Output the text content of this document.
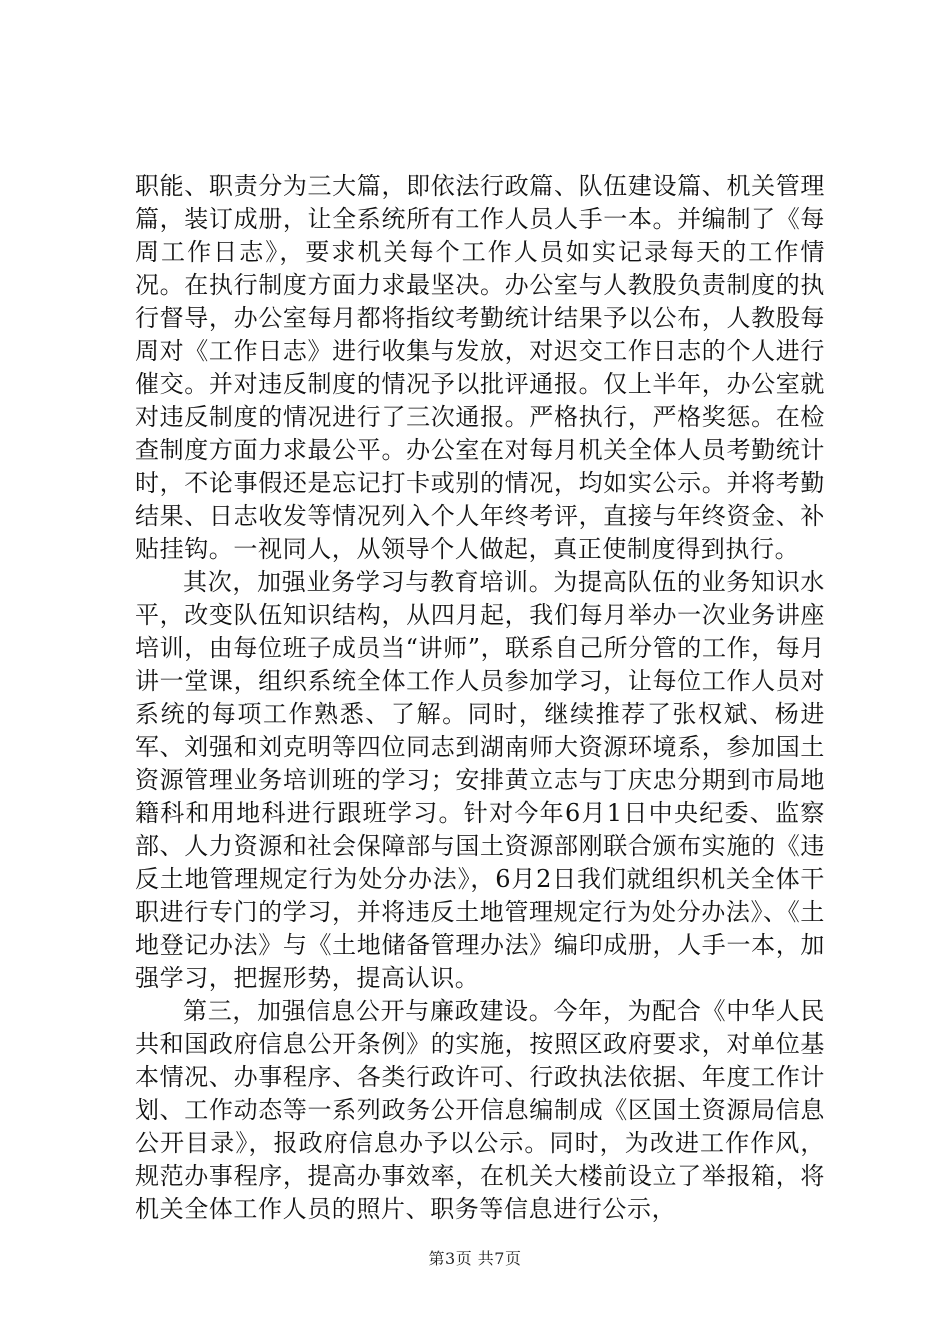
职能、职责分为三大篇，即依法行政篇、队伍建设篇、机关管理篇，装订成册，让全系统所有工作人员人手一本。并编制了《每周工作日志》，要求机关每个工作人员如实记录每天的工作情况。在执行制度方面力求最坚决。办公室与人教股负责制度的执行督导，办公室每月都将指纹考勤统计结果予以公布，人教股每周对《工作日志》进行收集与发放，对迟交工作日志的个人进行催交。并对违反制度的情况予以批评通报。仅上半年，办公室就对违反制度的情况进行了三次通报。严格执行，严格奖惩。在检查制度方面力求最公平。办公室在对每月机关全体人员考勤统计时，不论事假还是忘记打卡或别的情况，均如实公示。并将考勤结果、日志收发等情况列入个人年终考评，直接与年终资金、补贴挂钩。一视同人，从领导个人做起，真正使制度得到执行。

其次，加强业务学习与教育培训。为提高队伍的业务知识水平，改变队伍知识结构，从四月起，我们每月举办一次业务讲座培训，由每位班子成员当“讲师”，联系自己所分管的工作，每月讲一堂课，组织系统全体工作人员参加学习，让每位工作人员对系统的每项工作熟悉、了解。同时，继续推荐了张权斌、杨进军、刘强和刘克明等四位同志到湖南师大资源环境系，参加国土资源管理业务培训班的学习；安排黄立志与丁庆忠分期到市局地籍科和用地科进行跟班学习。针对今年6月1日中央纪委、监察部、人力资源和社会保障部与国土资源部刚联合颁布实施的《违反土地管理规定行为处分办法》，6月2日我们就组织机关全体干职进行专门的学习，并将违反土地管理规定行为处分办法》、《土地登记办法》与《土地储备管理办法》编印成册，人手一本，加强学习，把握形势，提高认识。

第三，加强信息公开与廉政建设。今年，为配合《中华人民共和国政府信息公开条例》的实施，按照区政府要求，对单位基本情况、办事程序、各类行政许可、行政执法依据、年度工作计划、工作动态等一系列政务公开信息编制成《区国土资源局信息公开目录》，报政府信息办予以公示。同时，为改进工作作风，规范办事程序，提高办事效率，在机关大楼前设立了举报箱，将机关全体工作人员的照片、职务等信息进行公示，

第3页 共7页
